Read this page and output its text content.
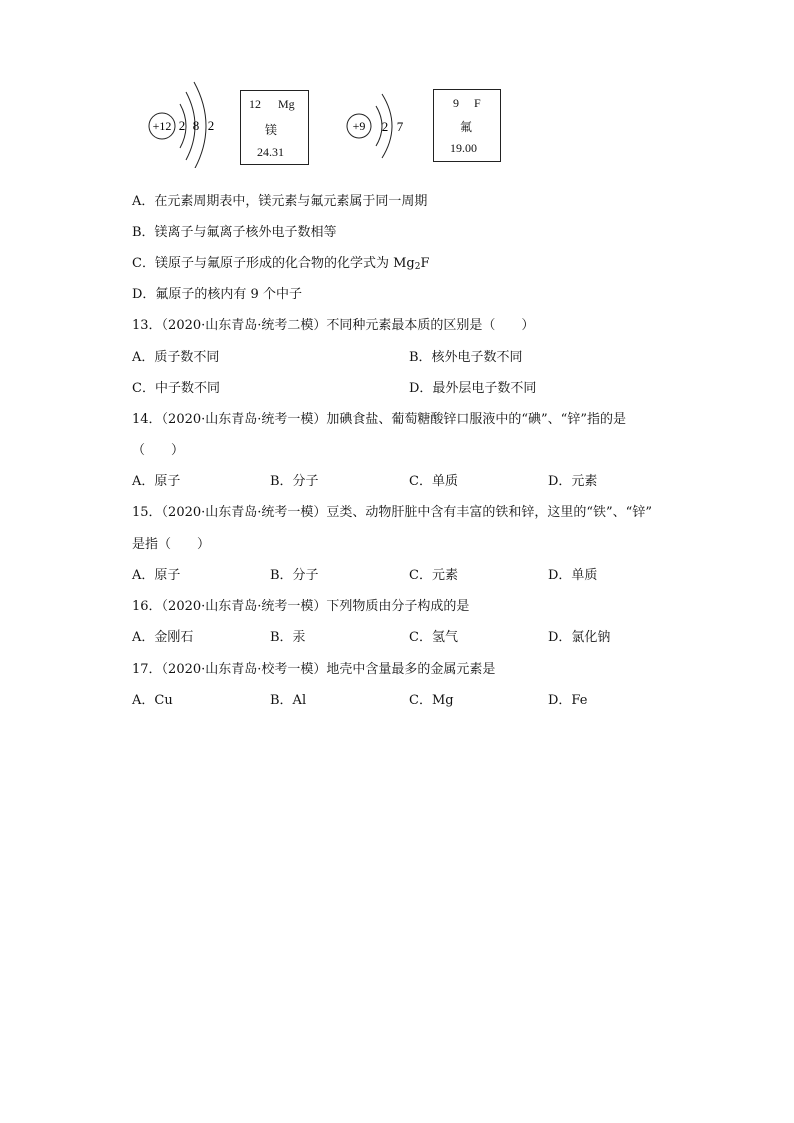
+12 2 8 2
12 Mg
镁
24.31
+9 2 7
9 F
氟
19.00
A．在元素周期表中，镁元素与氟元素属于同一周期
B．镁离子与氟离子核外电子数相等
C．镁原子与氟原子形成的化合物的化学式为 $Mg_2F$
D．氟原子的核内有 9 个中子
13．（2020·山东青岛·统考二模）不同种元素最本质的区别是（　　）
A．质子数不同	B．核外电子数不同
C．中子数不同	D．最外层电子数不同
14．（2020·山东青岛·统考一模）加碘食盐、葡萄糖酸锌口服液中的“碘”、“锌”指的是
（　　）
A．原子	B．分子	C．单质	D．元素
15．（2020·山东青岛·统考一模）豆类、动物肝脏中含有丰富的铁和锌，这里的“铁”、“锌”
是指（　　）
A．原子	B．分子	C．元素	D．单质
16．（2020·山东青岛·统考一模）下列物质由分子构成的是
A．金刚石	B．汞	C．氢气	D．氯化钠
17．（2020·山东青岛·校考一模）地壳中含量最多的金属元素是
A．Cu	B．Al	C．Mg	D．Fe
